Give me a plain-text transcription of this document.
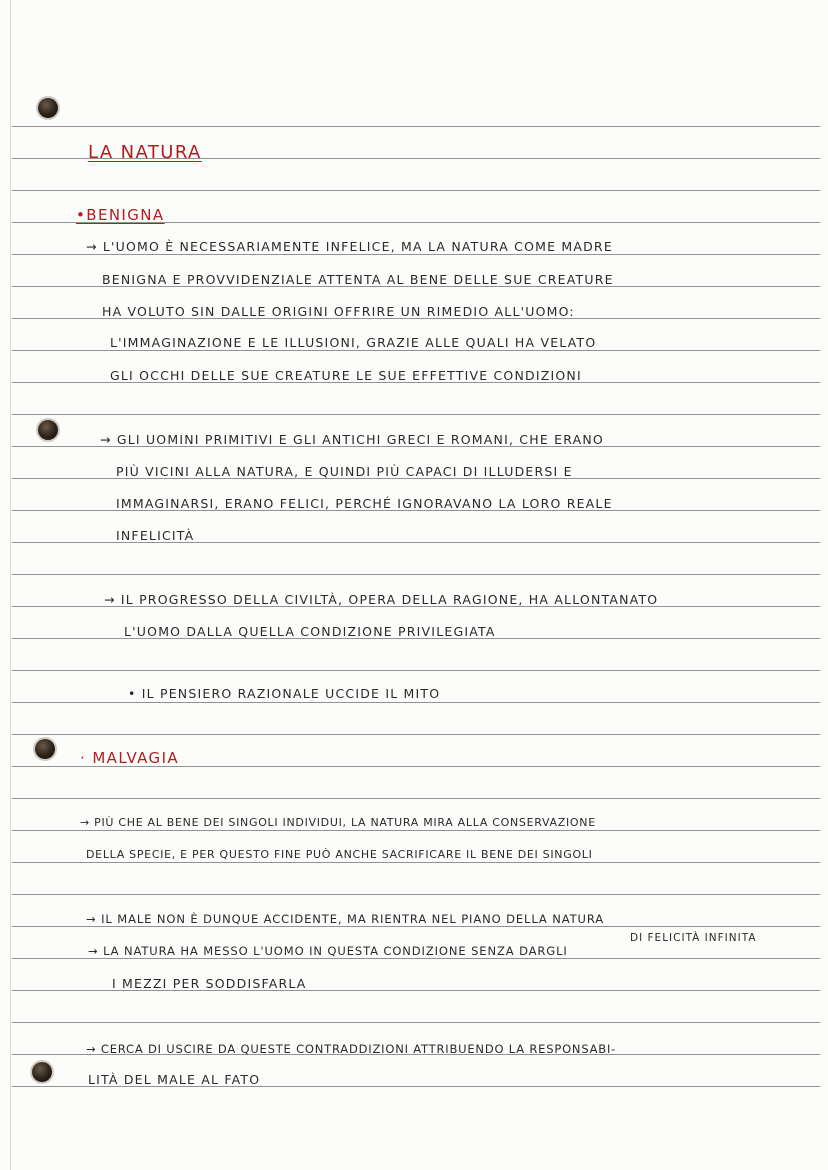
LA NATURA
•BENIGNA
→ L'UOMO È NECESSARIAMENTE INFELICE, MA LA NATURA COME MADRE
BENIGNA E PROVVIDENZIALE ATTENTA AL BENE DELLE SUE CREATURE
HA VOLUTO SIN DALLE ORIGINI OFFRIRE UN RIMEDIO ALL'UOMO:
L'IMMAGINAZIONE E LE ILLUSIONI, GRAZIE ALLE QUALI HA VELATO
GLI OCCHI DELLE SUE CREATURE LE SUE EFFETTIVE CONDIZIONI
→ GLI UOMINI PRIMITIVI E GLI ANTICHI GRECI E ROMANI, CHE ERANO
PIÙ VICINI ALLA NATURA, E QUINDI PIÙ CAPACI DI ILLUDERSI E
IMMAGINARSI, ERANO FELICI, PERCHÉ IGNORAVANO LA LORO REALE
INFELICITÀ
→ IL PROGRESSO DELLA CIVILTÀ, OPERA DELLA RAGIONE, HA ALLONTANATO
L'UOMO DALLA QUELLA CONDIZIONE PRIVILEGIATA
• IL PENSIERO RAZIONALE UCCIDE IL MITO
· MALVAGIA
→ PIÙ CHE AL BENE DEI SINGOLI INDIVIDUI, LA NATURA MIRA ALLA CONSERVAZIONE
DELLA SPECIE, E PER QUESTO FINE PUÒ ANCHE SACRIFICARE IL BENE DEI SINGOLI
→ IL MALE NON È DUNQUE ACCIDENTE, MA RIENTRA NEL PIANO DELLA NATURA
DI FELICITÀ INFINITA
→ LA NATURA HA MESSO L'UOMO IN QUESTA CONDIZIONE SENZA DARGLI
I MEZZI PER SODDISFARLA
→ CERCA DI USCIRE DA QUESTE CONTRADDIZIONI ATTRIBUENDO LA RESPONSABI-
LITÀ DEL MALE AL FATO
